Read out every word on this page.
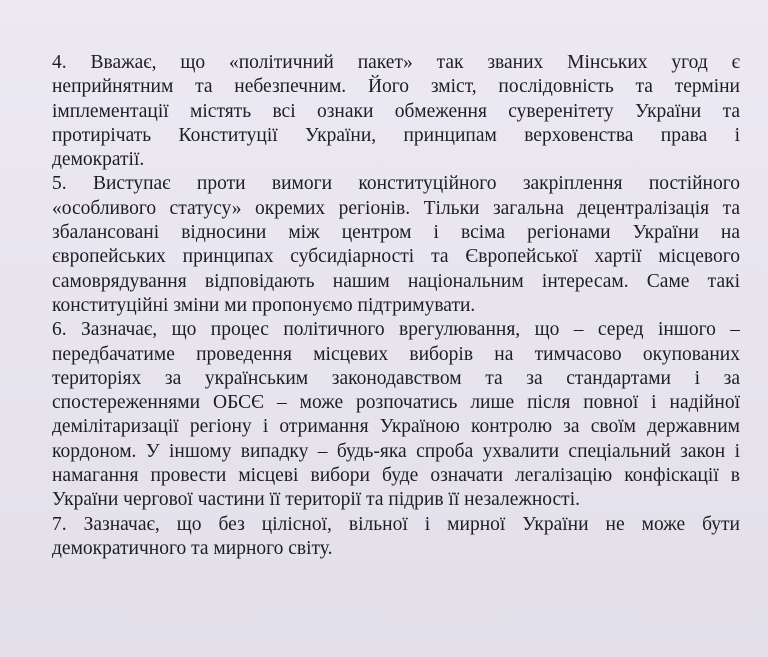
4. Вважає, що «політичний пакет» так званих Мінських угод є
неприйнятним та небезпечним. Його зміст, послідовність та терміни
імплементації містять всі ознаки обмеження суверенітету України та
протирічать Конституції України, принципам верховенства права і
демократії.
5. Виступає проти вимоги конституційного закріплення постійного
«особливого статусу» окремих регіонів. Тільки загальна децентралізація та
збалансовані відносини між центром і всіма регіонами України на
європейських принципах субсидіарності та Європейської хартії місцевого
самоврядування відповідають нашим національним інтересам. Саме такі
конституційні зміни ми пропонуємо підтримувати.
6. Зазначає, що процес політичного врегулювання, що – серед іншого –
передбачатиме проведення місцевих виборів на тимчасово окупованих
територіях за українським законодавством та за стандартами і за
спостереженнями ОБСЄ – може розпочатись лише після повної і надійної
демілітаризації регіону і отримання Україною контролю за своїм державним
кордоном. У іншому випадку – будь-яка спроба ухвалити спеціальний закон і
намагання провести місцеві вибори буде означати легалізацію конфіскації в
України чергової частини її території та підрив її незалежності.
7. Зазначає, що без цілісної, вільної і мирної України не може бути
демократичного та мирного світу.
